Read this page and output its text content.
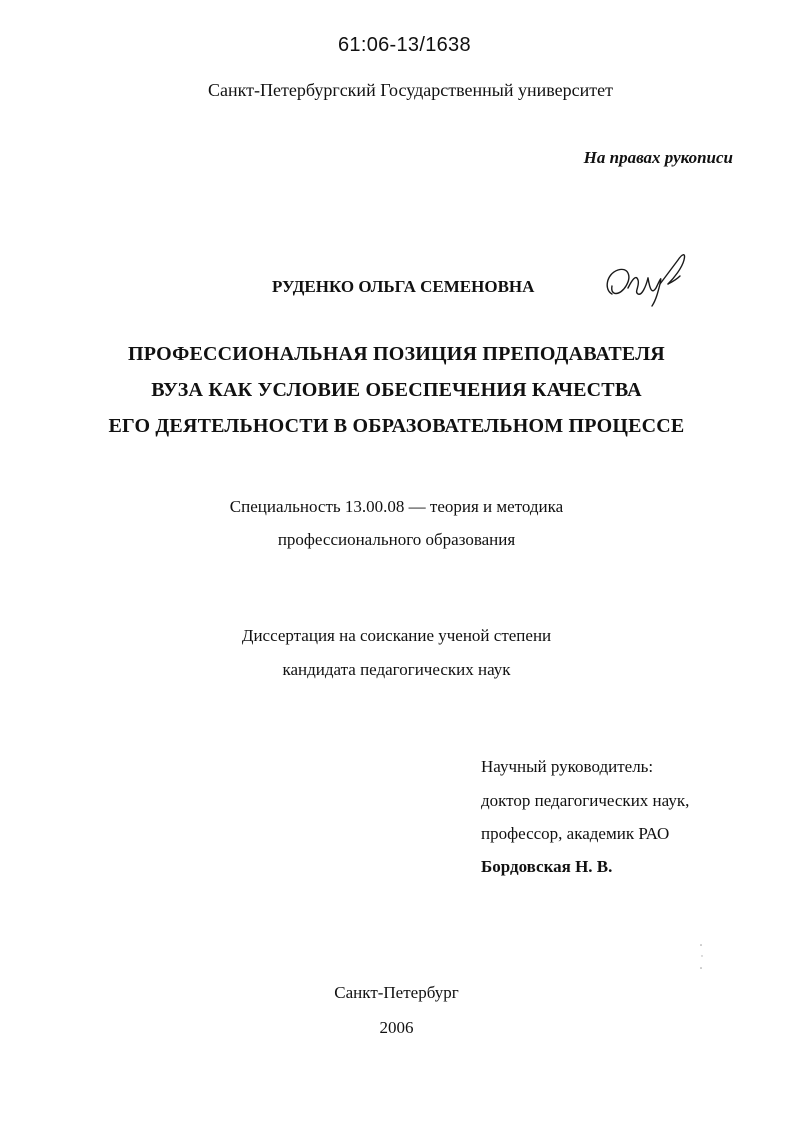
61:06-13/1638
Санкт-Петербургский Государственный университет
На правах рукописи
РУДЕНКО ОЛЬГА СЕМЕНОВНА
ПРОФЕССИОНАЛЬНАЯ ПОЗИЦИЯ ПРЕПОДАВАТЕЛЯ
ВУЗА КАК УСЛОВИЕ ОБЕСПЕЧЕНИЯ КАЧЕСТВА
ЕГО ДЕЯТЕЛЬНОСТИ В ОБРАЗОВАТЕЛЬНОМ ПРОЦЕССЕ
Специальность 13.00.08 — теория и методика
профессионального образования
Диссертация на соискание ученой степени
кандидата педагогических наук
Научный руководитель:
доктор педагогических наук,
профессор, академик РАО
Бордовская Н. В.
Санкт-Петербург
2006
